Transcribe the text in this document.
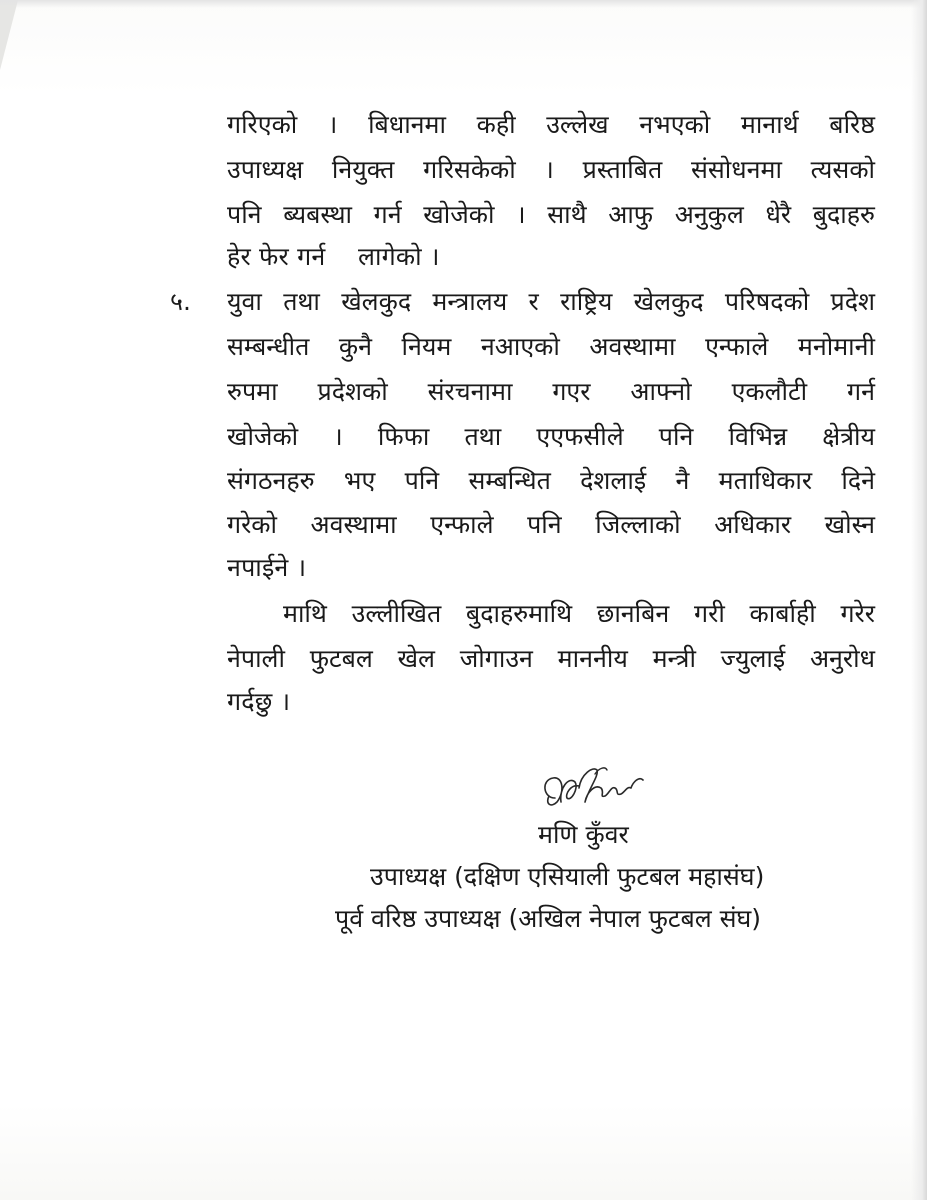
गरिएको । बिधानमा कही उल्लेख नभएको मानार्थ बरिष्ठ
उपाध्यक्ष नियुक्त गरिसकेको । प्रस्ताबित संसोधनमा त्यसको
पनि ब्यबस्था गर्न खोजेको । साथै आफु अनुकुल धेरै बुदाहरु
हेर फेर गर्न    लागेको ।
५. युवा तथा खेलकुद मन्त्रालय र राष्ट्रिय खेलकुद परिषदको प्रदेश
सम्बन्धीत कुनै नियम नआएको अवस्थामा एन्फाले मनोमानी
रुपमा प्रदेशको संरचनामा गएर आफ्नो एकलौटी गर्न
खोजेको । फिफा तथा एएफसीले पनि विभिन्न क्षेत्रीय
संगठनहरु भए पनि सम्बन्धित देशलाई नै मताधिकार दिने
गरेको अवस्थामा एन्फाले पनि जिल्लाको अधिकार खोस्न
नपाईने ।
माथि उल्लीखित बुदाहरुमाथि छानबिन गरी कार्बाही गरेर
नेपाली फुटबल खेल जोगाउन माननीय मन्त्री ज्युलाई अनुरोध
गर्दछु ।
मणि कुँवर
उपाध्यक्ष (दक्षिण एसियाली फुटबल महासंघ)
पूर्व वरिष्ठ उपाध्यक्ष (अखिल नेपाल फुटबल संघ)
